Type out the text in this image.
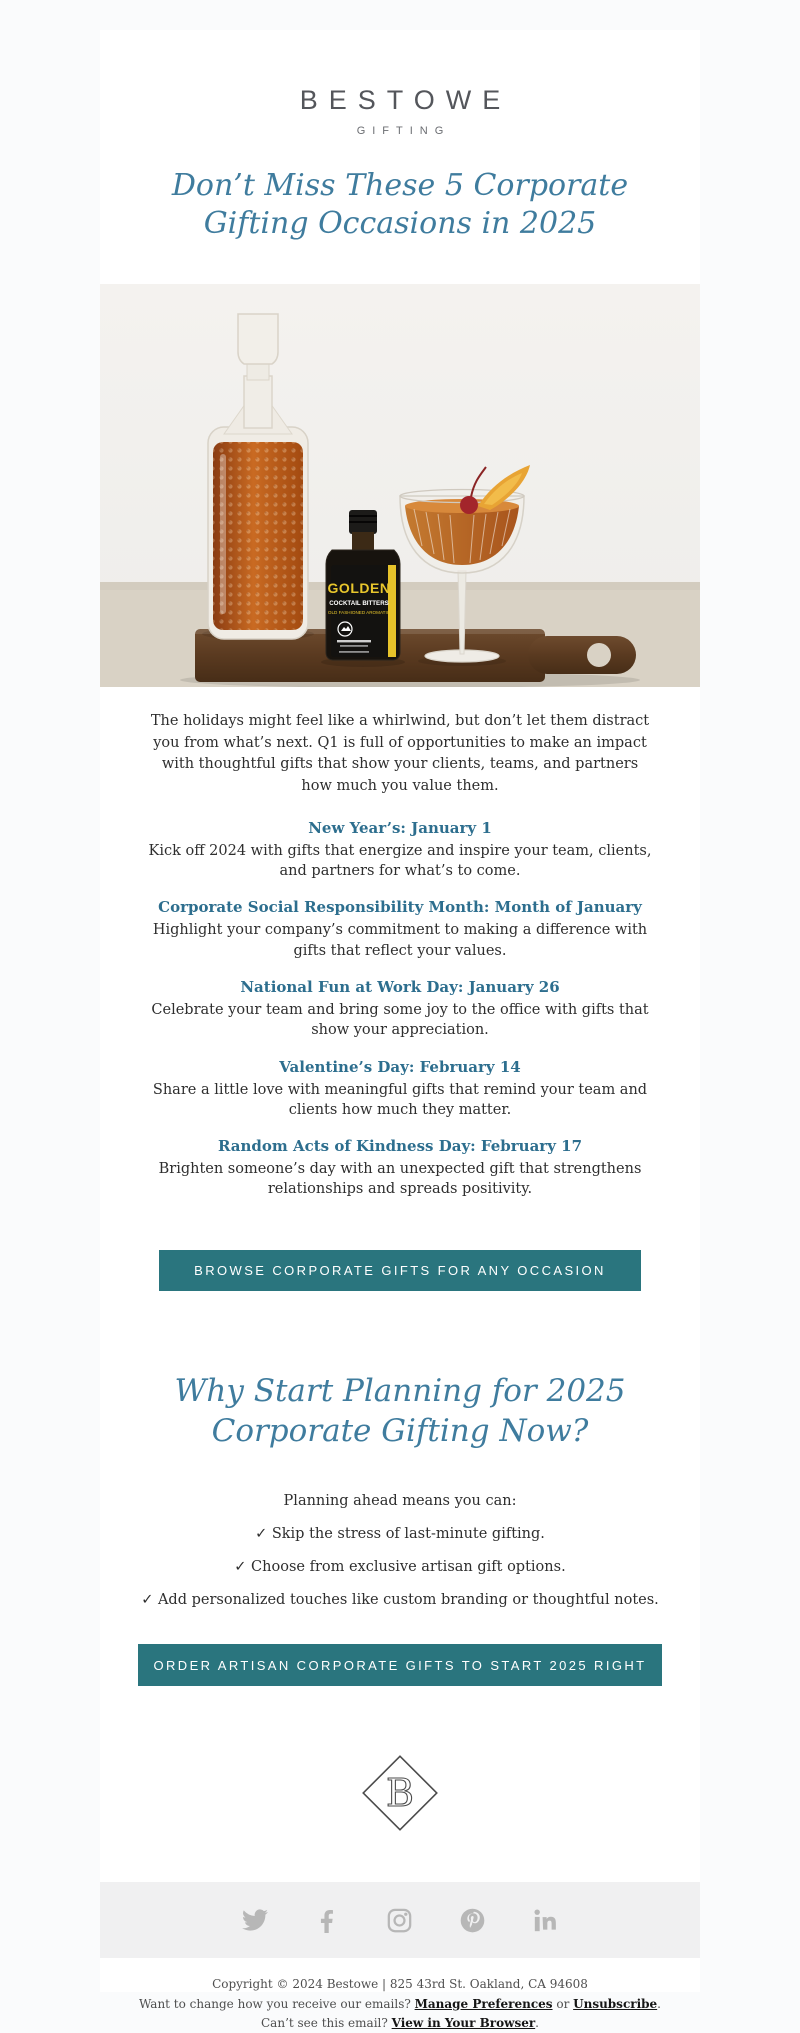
BESTOWE
GIFTING
Don’t Miss These 5 Corporate Gifting Occasions in 2025
GOLDEN
COCKTAIL BITTERS
OLD FASHIONED AROMATIC

The holidays might feel like a whirlwind, but don’t let them distract you from what’s next. Q1 is full of opportunities to make an impact with thoughtful gifts that show your clients, teams, and partners how much you value them.

New Year’s: January 1
Kick off 2024 with gifts that energize and inspire your team, clients, and partners for what’s to come.
Corporate Social Responsibility Month: Month of January
Highlight your company’s commitment to making a difference with gifts that reflect your values.
National Fun at Work Day: January 26
Celebrate your team and bring some joy to the office with gifts that show your appreciation.
Valentine’s Day: February 14
Share a little love with meaningful gifts that remind your team and clients how much they matter.
Random Acts of Kindness Day: February 17
Brighten someone’s day with an unexpected gift that strengthens relationships and spreads positivity.
BROWSE CORPORATE GIFTS FOR ANY OCCASION
Why Start Planning for 2025 Corporate Gifting Now?
Planning ahead means you can:
✓ Skip the stress of last-minute gifting.
✓ Choose from exclusive artisan gift options.
✓ Add personalized touches like custom branding or thoughtful notes.
ORDER ARTISAN CORPORATE GIFTS TO START 2025 RIGHT
B
Copyright © 2024 Bestowe | 825 43rd St. Oakland, CA 94608
Want to change how you receive our emails? Manage Preferences or Unsubscribe.
Can’t see this email? View in Your Browser.
